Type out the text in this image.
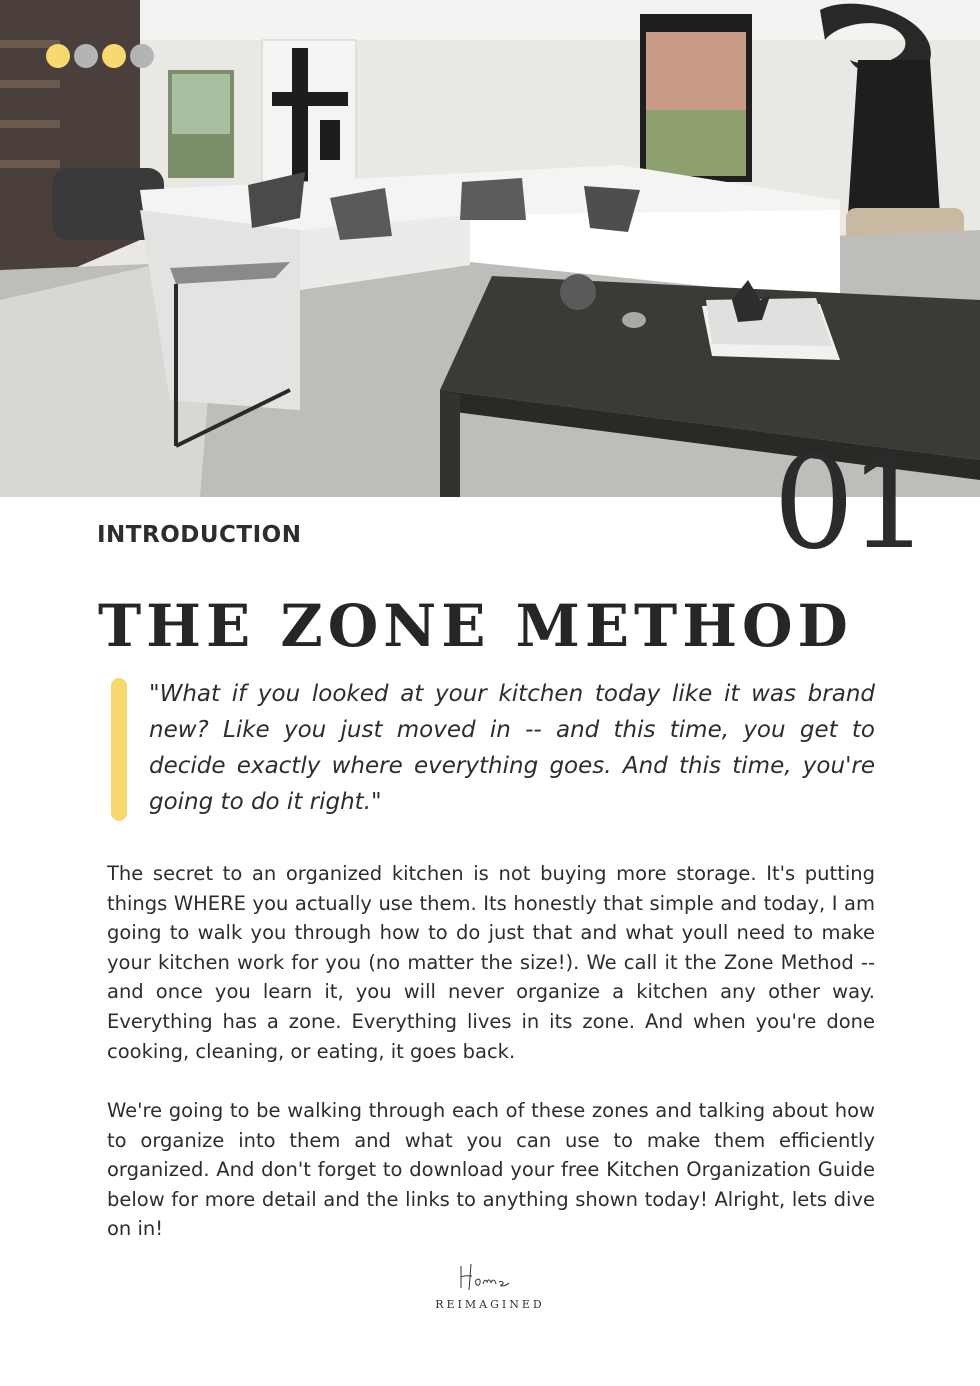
01
INTRODUCTION
THE ZONE METHOD

"What if you looked at your kitchen today like it was brand new? Like you just moved in -- and this time, you get to decide exactly where everything goes. And this time, you're going to do it right."

The secret to an organized kitchen is not buying more storage. It's putting things WHERE you actually use them. Its honestly that simple and today, I am going to walk you through how to do just that and what youll need to make your kitchen work for you (no matter the size!). We call it the Zone Method -- and once you learn it, you will never organize a kitchen any other way. Everything has a zone. Everything lives in its zone. And when you're done cooking, cleaning, or eating, it goes back.

We're going to be walking through each of these zones and talking about how to organize into them and what you can use to make them efficiently organized. And don't forget to download your free Kitchen Organization Guide below for more detail and the links to anything shown today! Alright, lets dive on in!

REIMAGINED
